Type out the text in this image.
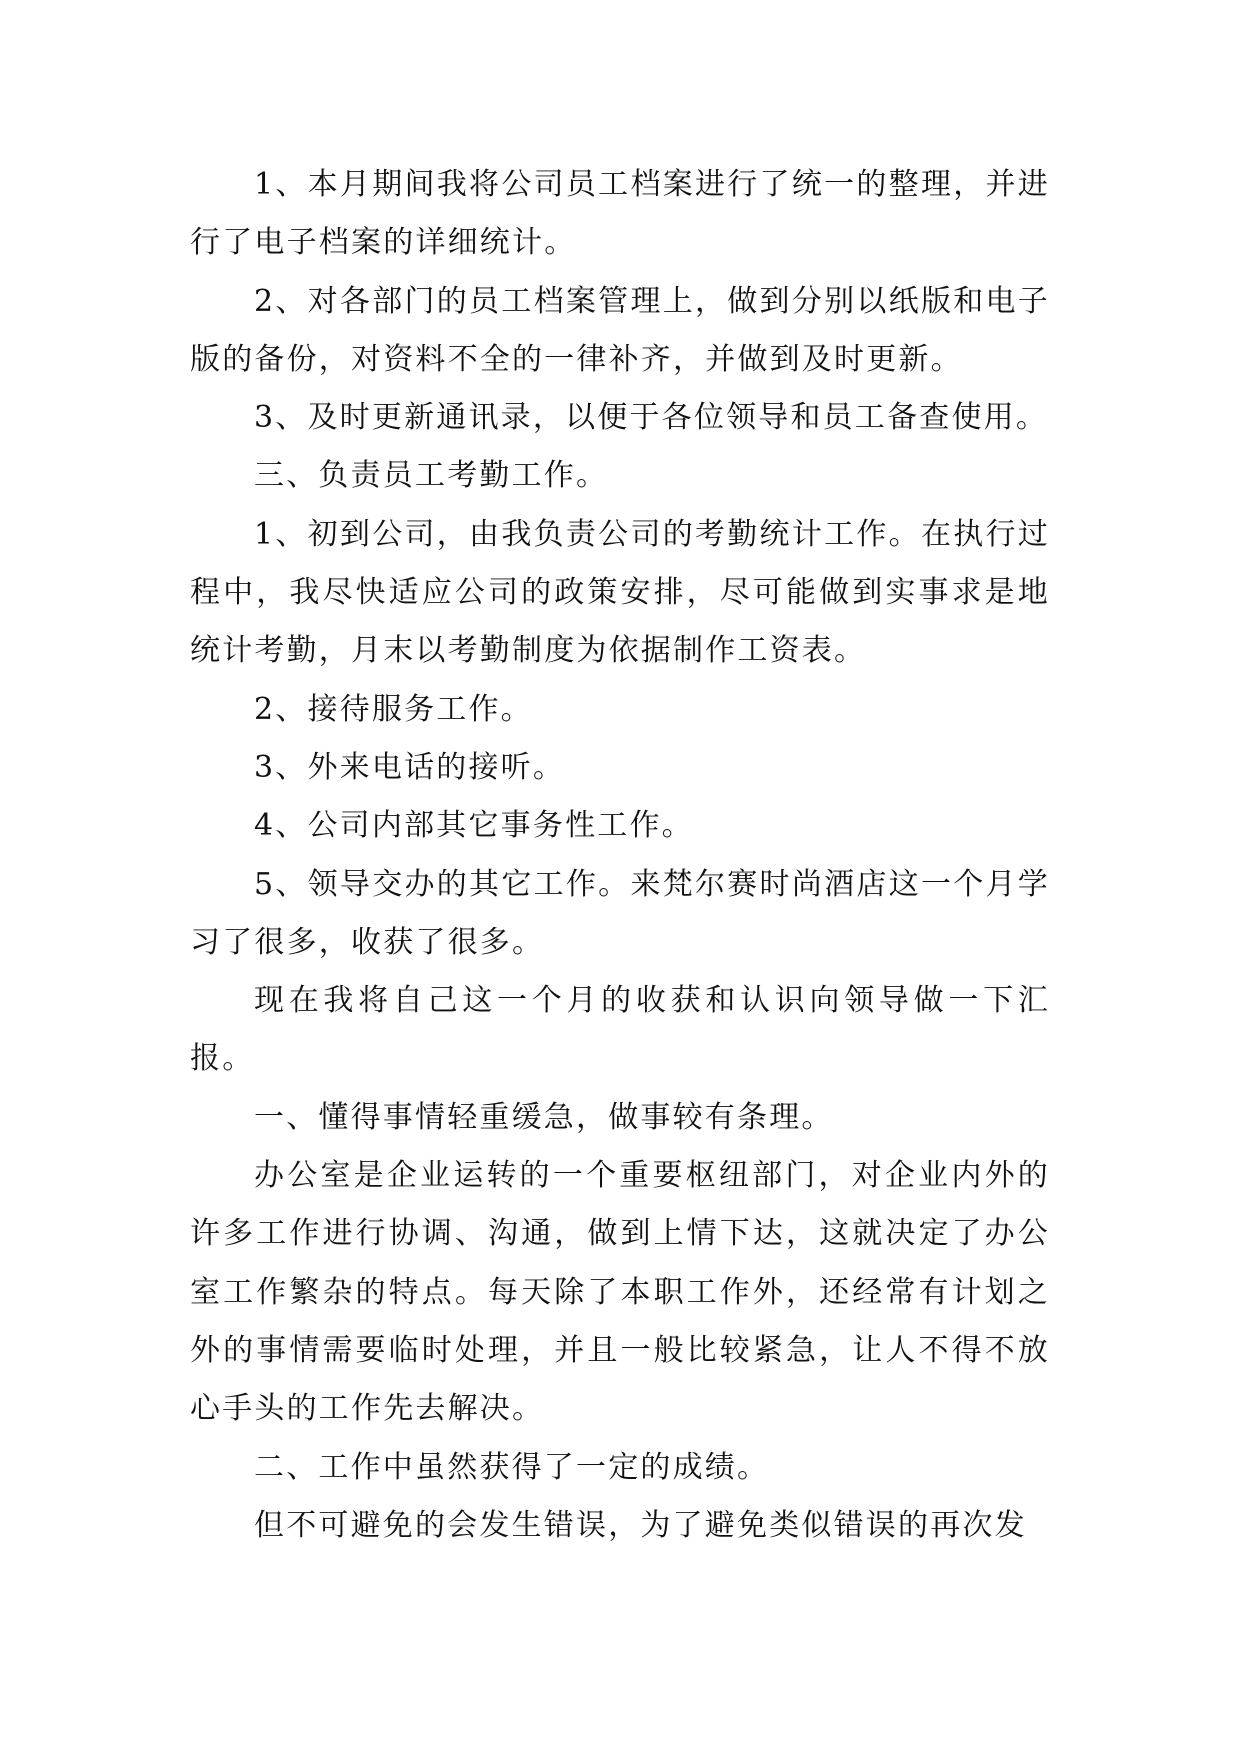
1、本月期间我将公司员工档案进行了统一的整理，并进行了电子档案的详细统计。

2、对各部门的员工档案管理上，做到分别以纸版和电子版的备份，对资料不全的一律补齐，并做到及时更新。

3、及时更新通讯录，以便于各位领导和员工备查使用。

三、负责员工考勤工作。

1、初到公司，由我负责公司的考勤统计工作。在执行过程中，我尽快适应公司的政策安排，尽可能做到实事求是地统计考勤，月末以考勤制度为依据制作工资表。

2、接待服务工作。

3、外来电话的接听。

4、公司内部其它事务性工作。

5、领导交办的其它工作。来梵尔赛时尚酒店这一个月学习了很多，收获了很多。

现在我将自己这一个月的收获和认识向领导做一下汇报。

一、懂得事情轻重缓急，做事较有条理。

办公室是企业运转的一个重要枢纽部门，对企业内外的许多工作进行协调、沟通，做到上情下达，这就决定了办公室工作繁杂的特点。每天除了本职工作外，还经常有计划之外的事情需要临时处理，并且一般比较紧急，让人不得不放心手头的工作先去解决。

二、工作中虽然获得了一定的成绩。

但不可避免的会发生错误，为了避免类似错误的再次发
